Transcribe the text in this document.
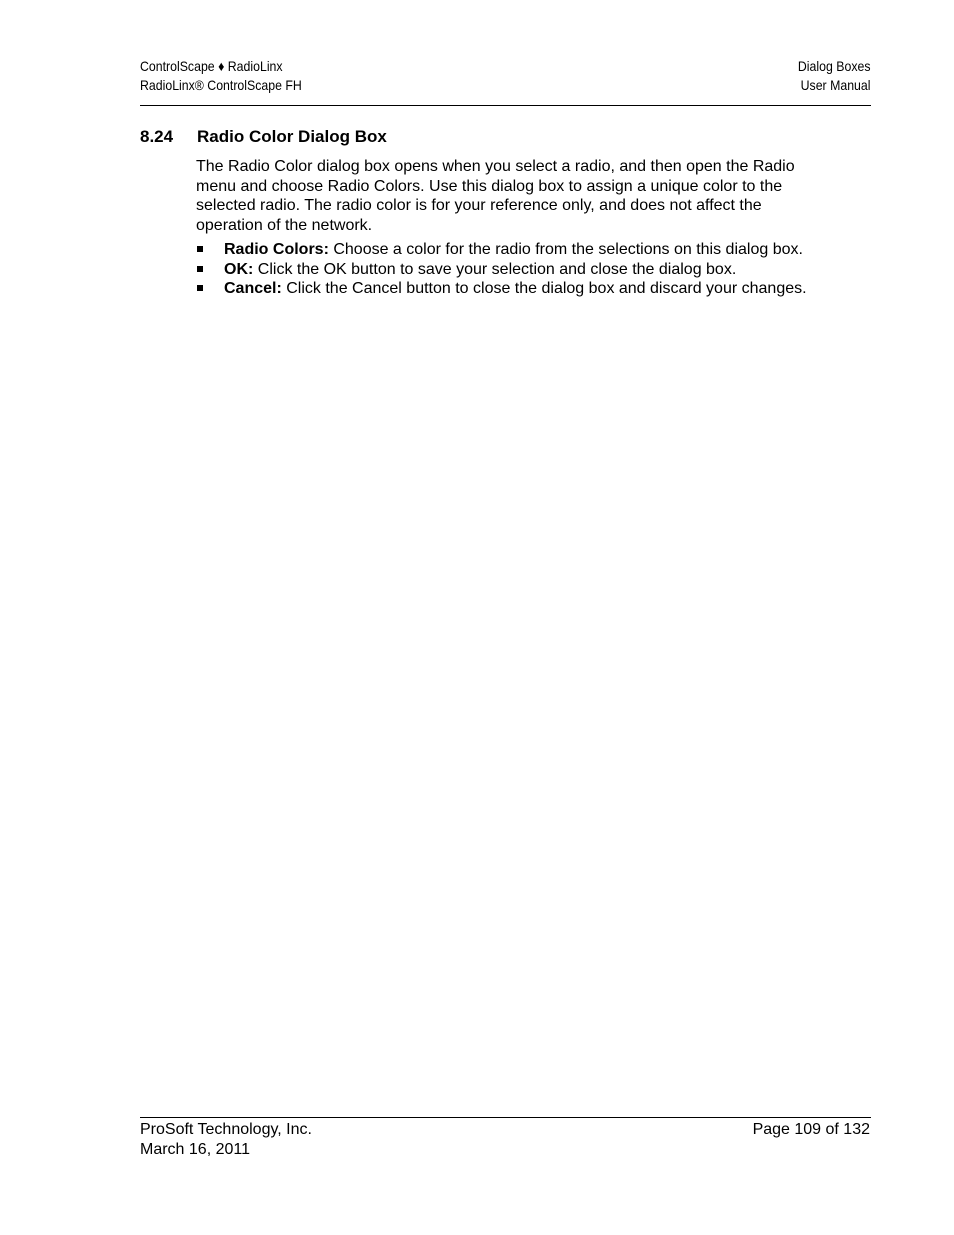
ControlScape ♦ RadioLinx
RadioLinx® ControlScape FH
Dialog Boxes
User Manual
8.24 Radio Color Dialog Box

The Radio Color dialog box opens when you select a radio, and then open the Radio menu and choose Radio Colors. Use this dialog box to assign a unique color to the selected radio. The radio color is for your reference only, and does not affect the operation of the network.

Radio Colors: Choose a color for the radio from the selections on this dialog box.
OK: Click the OK button to save your selection and close the dialog box.
Cancel: Click the Cancel button to close the dialog box and discard your changes.
ProSoft Technology, Inc.
March 16, 2011
Page 109 of 132
